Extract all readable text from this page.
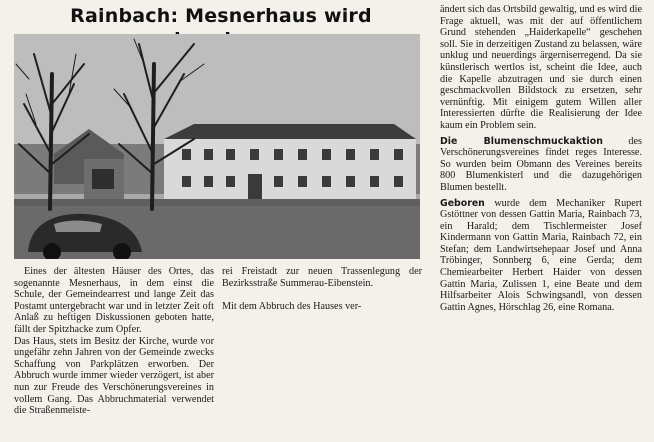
Rainbach: Mesnerhaus wird

Eines der ältesten Häuser des Ortes, das sogenannte Mesnerhaus, in dem einst die Schule, der Gemeindearrest und lange Zeit das Postamt untergebracht war und in letzter Zeit oft Anlaß zu heftigen Diskussionen geboten hatte, fällt der Spitzhacke zum Opfer.

Das Haus, stets im Besitz der Kirche, wurde vor ungefähr zehn Jahren von der Gemeinde zwecks Schaffung von Parkplätzen erworben. Der Abbruch wurde immer wieder verzögert, ist aber nun zur Freude des Verschönerungsvereines in vollem Gang. Das Abbruchmaterial verwendet die Straßenmeiste-

rei Freistadt zur neuen Trassenlegung der Bezirksstraße Summerau-Eibenstein.

Mit dem Abbruch des Hauses ver-

ändert sich das Ortsbild gewaltig, und es wird die Frage aktuell, was mit der auf öffentlichem Grund stehenden „Haiderkapelle“ geschehen soll. Sie in derzeitigen Zustand zu belassen, wäre unklug und neuerdings ärgerniserregend. Da sie künstlerisch wertlos ist, scheint die Idee, auch die Kapelle abzutragen und sie durch einen geschmackvollen Bildstock zu ersetzen, sehr vernünftig. Mit einigem gutem Willen aller Interessierten dürfte die Realisierung der Idee kaum ein Problem sein.

Die Blumenschmuckaktion des Verschönerungsvereines findet reges Interesse. So wurden beim Obmann des Vereines bereits 800 Blumenkisterl und die dazugehörigen Blumen bestellt.

Geboren wurde dem Mechaniker Rupert Gstöttner von dessen Gattin Maria, Rainbach 73, ein Harald; dem Tischlermeister Josef Kindermann von Gattin Maria, Rainbach 72, ein Stefan; dem Landwirtsehepaar Josef und Anna Tröbinger, Sonnberg 6, eine Gerda; dem Chemiearbeiter Herbert Haider von dessen Gattin Maria, Zulissen 1, eine Beate und dem Hilfsarbeiter Alois Schwingsandl, von dessen Gattin Agnes, Hörschlag 26, eine Romana.
